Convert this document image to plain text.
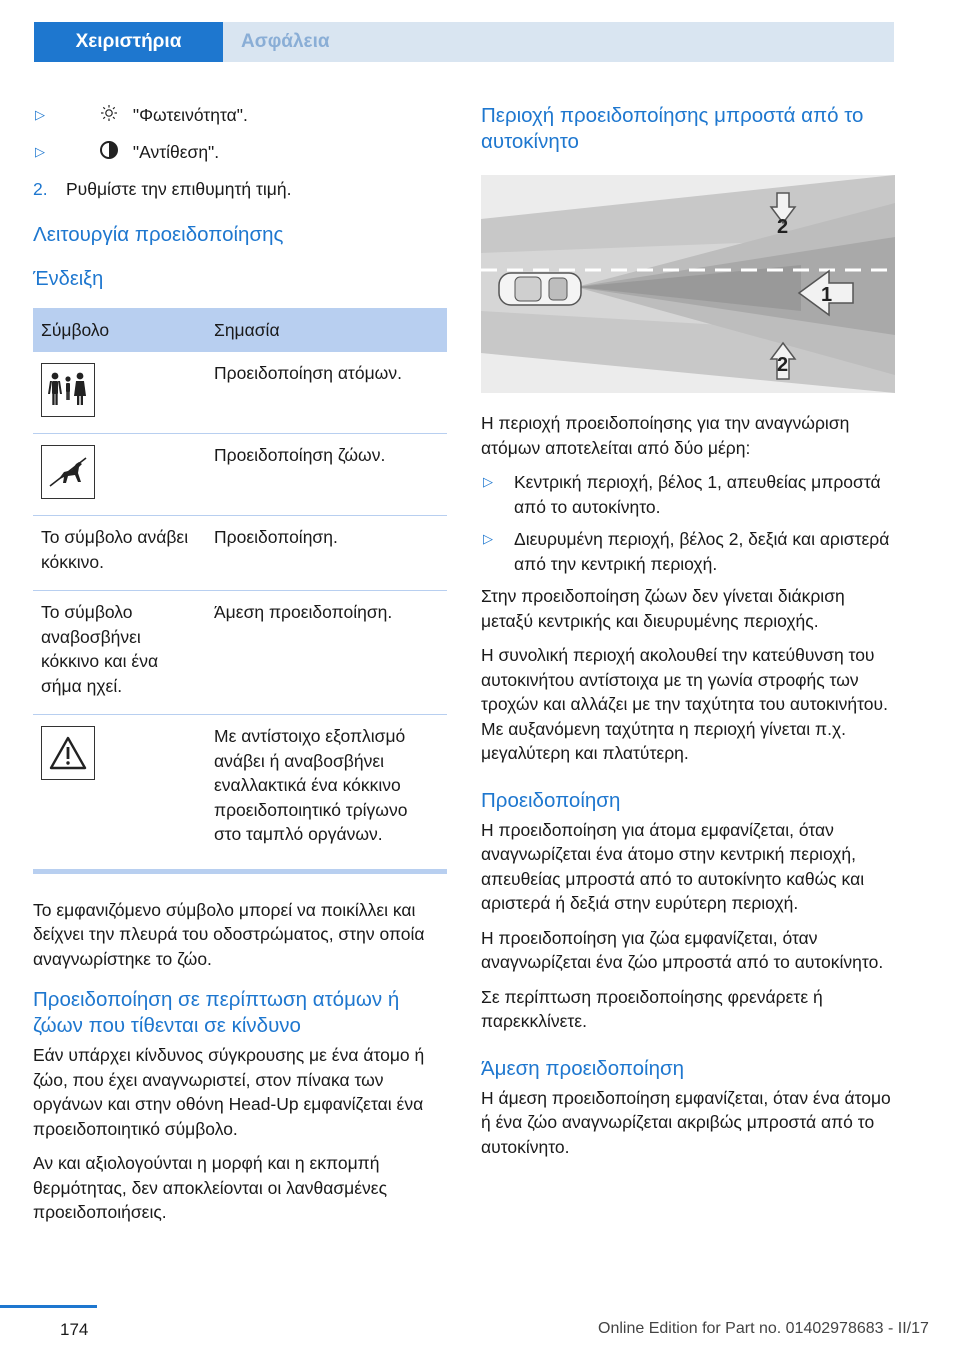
Χειριστήρια	Ασφάλεια
▷	"Φωτεινότητα".
▷	"Αντίθεση".
2. Ρυθμίστε την επιθυμητή τιμή.
Λειτουργία προειδοποίησης
Ένδειξη
Σύμβολο	Σημασία

	Προειδοποίηση ατόμων.

	Προειδοποίηση ζώων.
Το σύμβολο ανάβει κόκκινο.	Προειδοποίηση.
Το σύμβολο αναβοσβήνει κόκκινο και ένα σήμα ηχεί.	Άμεση προειδοποίηση.

	Με αντίστοιχο εξοπλισμό ανάβει ή αναβοσβήνει εναλλακτικά ένα κόκκινο προειδοποιητικό τρίγωνο στο ταμπλό οργάνων.
Το εμφανιζόμενο σύμβολο μπορεί να ποικίλλει και δείχνει την πλευρά του οδοστρώματος, στην οποία αναγνωρίστηκε το ζώο.
Προειδοποίηση σε περίπτωση ατόμων ή ζώων που τίθενται σε κίνδυνο
Εάν υπάρχει κίνδυνος σύγκρουσης με ένα άτομο ή ζώο, που έχει αναγνωριστεί, στον πίνακα των οργάνων και στην οθόνη Head-Up εμφανίζεται ένα προειδοποιητικό σύμβολο.
Αν και αξιολογούνται η μορφή και η εκπομπή θερμότητας, δεν αποκλείονται οι λανθασμένες προειδοποιήσεις.
Περιοχή προειδοποίησης μπροστά από το αυτοκίνητο
1
2
2
Η περιοχή προειδοποίησης για την αναγνώριση ατόμων αποτελείται από δύο μέρη:
▷ Κεντρική περιοχή, βέλος 1, απευθείας μπροστά από το αυτοκίνητο.
▷ Διευρυμένη περιοχή, βέλος 2, δεξιά και αριστερά από την κεντρική περιοχή.
Στην προειδοποίηση ζώων δεν γίνεται διάκριση μεταξύ κεντρικής και διευρυμένης περιοχής.
Η συνολική περιοχή ακολουθεί την κατεύθυνση του αυτοκινήτου αντίστοιχα με τη γωνία στροφής των τροχών και αλλάζει με την ταχύτητα του αυτοκινήτου. Με αυξανόμενη ταχύτητα η περιοχή γίνεται π.χ. μεγαλύτερη και πλατύτερη.
Προειδοποίηση
Η προειδοποίηση για άτομα εμφανίζεται, όταν αναγνωρίζεται ένα άτομο στην κεντρική περιοχή, απευθείας μπροστά από το αυτοκίνητο καθώς και αριστερά ή δεξιά στην ευρύτερη περιοχή.
Η προειδοποίηση για ζώα εμφανίζεται, όταν αναγνωρίζεται ένα ζώο μπροστά από το αυτοκίνητο.
Σε περίπτωση προειδοποίησης φρενάρετε ή παρεκκλίνετε.
Άμεση προειδοποίηση
Η άμεση προειδοποίηση εμφανίζεται, όταν ένα άτομο ή ένα ζώο αναγνωρίζεται ακριβώς μπροστά από το αυτοκίνητο.
174	Online Edition for Part no. 01402978683 - II/17
